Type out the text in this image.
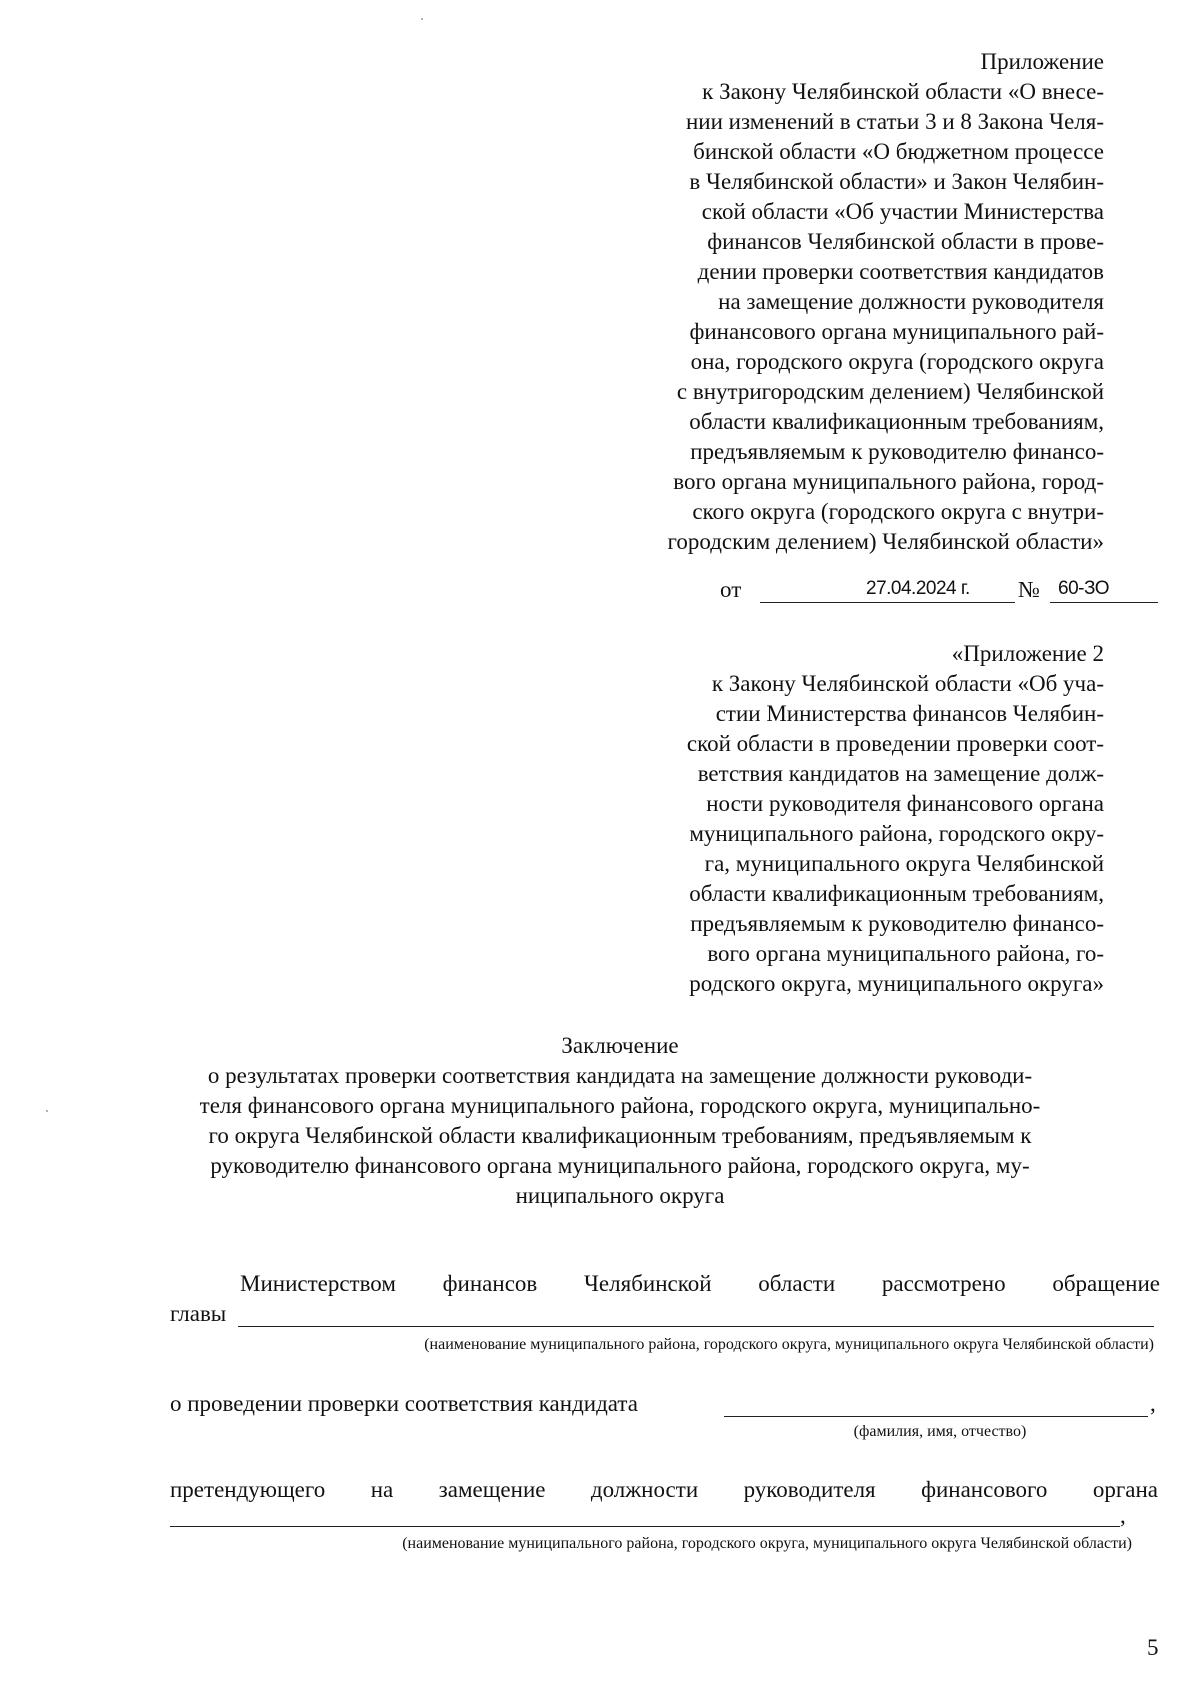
Приложение
к Закону Челябинской области «О внесе-
нии изменений в статьи 3 и 8 Закона Челя-
бинской области «О бюджетном процессе
в Челябинской области» и Закон Челябин-
ской области «Об участии Министерства
финансов Челябинской области в прове-
дении проверки соответствия кандидатов
на замещение должности руководителя
финансового органа муниципального рай-
она, городского округа (городского округа
с внутригородским делением) Челябинской
области квалификационным требованиям,
предъявляемым к руководителю финансо-
вого органа муниципального района, город-
ского округа (городского округа с внутри-
городским делением) Челябинской области»
от	27.04.2024 г. № 60-ЗО
«Приложение 2
к Закону Челябинской области «Об уча-
стии Министерства финансов Челябин-
ской области в проведении проверки соот-
ветствия кандидатов на замещение долж-
ности руководителя финансового органа
муниципального района, городского окру-
га, муниципального округа Челябинской
области квалификационным требованиям,
предъявляемым к руководителю финансо-
вого органа муниципального района, го-
родского округа, муниципального округа»
Заключение
о результатах проверки соответствия кандидата на замещение должности руководи-
теля финансового органа муниципального района, городского округа, муниципально-
го округа Челябинской области квалификационным требованиям, предъявляемым к
руководителю финансового органа муниципального района, городского округа, му-
ниципального округа
Министерством финансов Челябинской области рассмотрено обращение
главы
(наименование муниципального района, городского округа, муниципального округа Челябинской области)
о проведении проверки соответствия кандидата	,
(фамилия, имя, отчество)
претендующего на замещение должности руководителя финансового органа
,
(наименование муниципального района, городского округа, муниципального округа Челябинской области)
5
